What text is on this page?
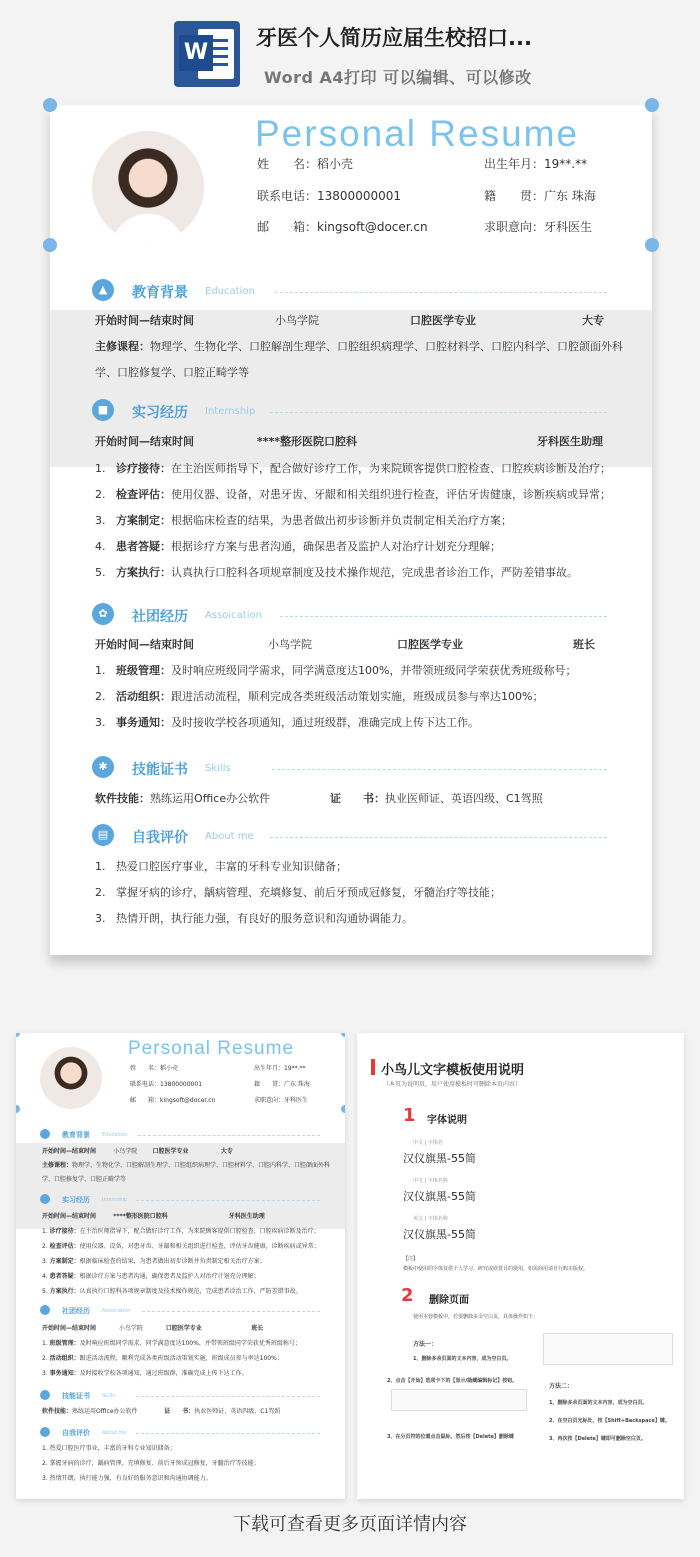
W
牙医个人简历应届生校招口...
Word A4打印 可以编辑、可以修改
Personal Resume
姓　　名：稻小壳	出生年月：19**.**
联系电话：13800000001	籍　　贯：广东 珠海
邮　　箱：kingsoft@docer.cn	求职意向：牙科医生
▲	教育背景 Education
开始时间—结束时间	小鸟学院	口腔医学专业	大专
主修课程：物理学、生物化学、口腔解剖生理学、口腔组织病理学、口腔材料学、口腔内科学、口腔颌面外科
学、口腔修复学、口腔正畸学等
■	实习经历 Internship
开始时间—结束时间	****整形医院口腔科	牙科医生助理
1. 诊疗接待：在主治医师指导下，配合做好诊疗工作，为来院顾客提供口腔检查、口腔疾病诊断及治疗；
2. 检查评估：使用仪器、设备，对患牙齿、牙龈和相关组织进行检查，评估牙齿健康，诊断疾病或异常；
3. 方案制定：根据临床检查的结果，为患者做出初步诊断并负责制定相关治疗方案；
4. 患者答疑：根据诊疗方案与患者沟通，确保患者及监护人对治疗计划充分理解；
5. 方案执行：认真执行口腔科各项规章制度及技术操作规范，完成患者诊治工作，严防差错事故。
✿	社团经历 Assoication
开始时间—结束时间	小鸟学院	口腔医学专业	班长
1. 班级管理：及时响应班级同学需求，同学满意度达100%，并带领班级同学荣获优秀班级称号；
2. 活动组织：跟进活动流程，顺利完成各类班级活动策划实施，班级成员参与率达100%；
3. 事务通知：及时接收学校各项通知，通过班级群，准确完成上传下达工作。
✱	技能证书 Skills
软件技能：熟练运用Office办公软件	证　　书：执业医师证、英语四级、C1驾照
▤	自我评价 About me
1. 热爱口腔医疗事业，丰富的牙科专业知识储备；
2. 掌握牙病的诊疗，龋病管理、充填修复、前后牙预成冠修复，牙髓治疗等技能；
3. 热情开朗，执行能力强，有良好的服务意识和沟通协调能力。
Personal Resume
姓　　名：稻小壳	出生年月：19**.**
联系电话：13800000001	籍　　贯：广东 珠海
邮　　箱：kingsoft@docer.cn	求职意向：牙科医生
教育背景 Education
开始时间—结束时间	小鸟学院	口腔医学专业	大专
主修课程：物理学、生物化学、口腔解剖生理学、口腔组织病理学、口腔材料学、口腔内科学、口腔颌面外科
学、口腔修复学、口腔正畸学等
实习经历 Internship
开始时间—结束时间	****整形医院口腔科	牙科医生助理
1. 诊疗接待：在主治医师指导下，配合做好诊疗工作，为来院顾客提供口腔检查、口腔疾病诊断及治疗；
2. 检查评估：使用仪器、设备，对患牙齿、牙龈和相关组织进行检查，评估牙齿健康，诊断疾病或异常；
3. 方案制定：根据临床检查的结果，为患者做出初步诊断并负责制定相关治疗方案；
4. 患者答疑：根据诊疗方案与患者沟通，确保患者及监护人对治疗计划充分理解；
5. 方案执行：认真执行口腔科各项规章制度及技术操作规范，完成患者诊治工作，严防差错事故。
社团经历 Assoication
开始时间—结束时间	小鸟学院	口腔医学专业	班长
1. 班级管理：及时响应班级同学需求，同学满意度达100%，并带领班级同学荣获优秀班级称号；
2. 活动组织：跟进活动流程，顺利完成各类班级活动策划实施，班级成员参与率达100%；
3. 事务通知：及时接收学校各项通知，通过班级群，准确完成上传下达工作。
技能证书 Skills
软件技能：熟练运用Office办公软件	证　　书：执业医师证、英语四级、C1驾照
自我评价 About me
1. 热爱口腔医疗事业，丰富的牙科专业知识储备；
2. 掌握牙病的诊疗，龋病管理、充填修复、前后牙预成冠修复，牙髓治疗等技能；
3. 热情开朗，执行能力强，有良好的服务意识和沟通协调能力。
小鸟儿文字模板使用说明
（本页为说明页，用户使用模板时可删除本页内容）
1 字体说明
中文 | 字体名
汉仪旗黑-55简
中文 | 字体名称
汉仪旗黑-55简
英文 | 字体名称
汉仪旗黑-55简
【注】
模板中使用的字体仅供个人学习、研究或欣赏目的使用，如需商用请自行购买版权。
2 删除页面
使用本套模板中，若要删除多余空白页，具体操作如下：
方法一：
1、删除多余页面的文本内容，成为空白页。
2、点击【开始】选项卡下的【显示/隐藏编辑标记】按钮。
3、在分页符的位置点击鼠标，然后按【Delete】删除键
方法二：
1、删除多余页面的文本内容，成为空白页。
2、在空白页光标处，按【Shift+Backspace】键。
3、再次按【Delete】键即可删除空白页。
下载可查看更多页面详情内容
